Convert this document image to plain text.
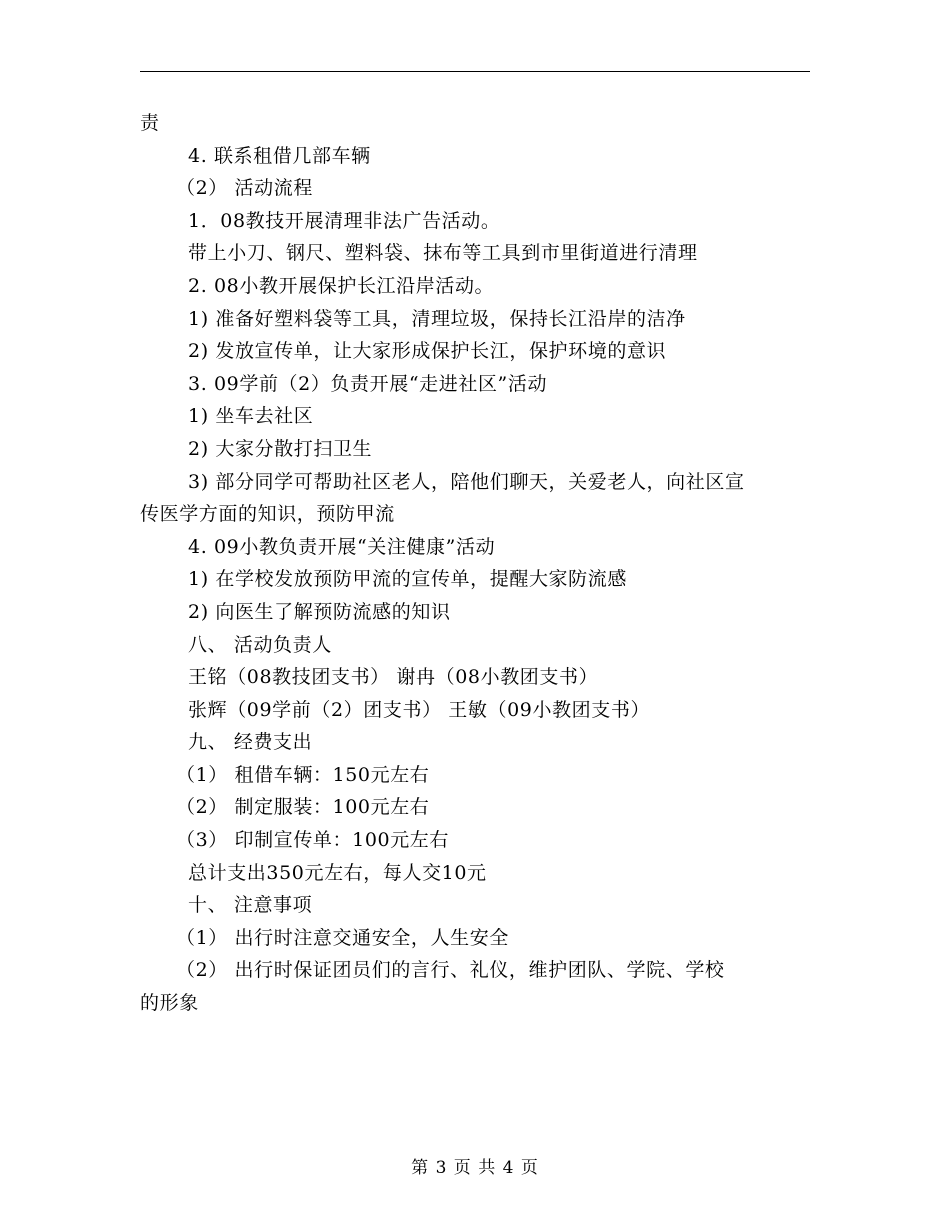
责
4. 联系租借几部车辆
（2） 活动流程
1．08教技开展清理非法广告活动。
带上小刀、钢尺、塑料袋、抹布等工具到市里街道进行清理
2. 08小教开展保护长江沿岸活动。
1) 准备好塑料袋等工具，清理垃圾，保持长江沿岸的洁净
2) 发放宣传单，让大家形成保护长江，保护环境的意识
3. 09学前（2）负责开展“走进社区”活动
1) 坐车去社区
2) 大家分散打扫卫生
3) 部分同学可帮助社区老人，陪他们聊天，关爱老人，向社区宣
传医学方面的知识，预防甲流
4. 09小教负责开展“关注健康”活动
1) 在学校发放预防甲流的宣传单，提醒大家防流感
2) 向医生了解预防流感的知识
八、 活动负责人
王铭（08教技团支书） 谢冉（08小教团支书）
张辉（09学前（2）团支书） 王敏（09小教团支书）
九、 经费支出
（1） 租借车辆：150元左右
（2） 制定服装：100元左右
（3） 印制宣传单：100元左右
总计支出350元左右，每人交10元
十、 注意事项
（1） 出行时注意交通安全，人生安全
（2） 出行时保证团员们的言行、礼仪，维护团队、学院、学校
的形象
第 3 页 共 4 页
